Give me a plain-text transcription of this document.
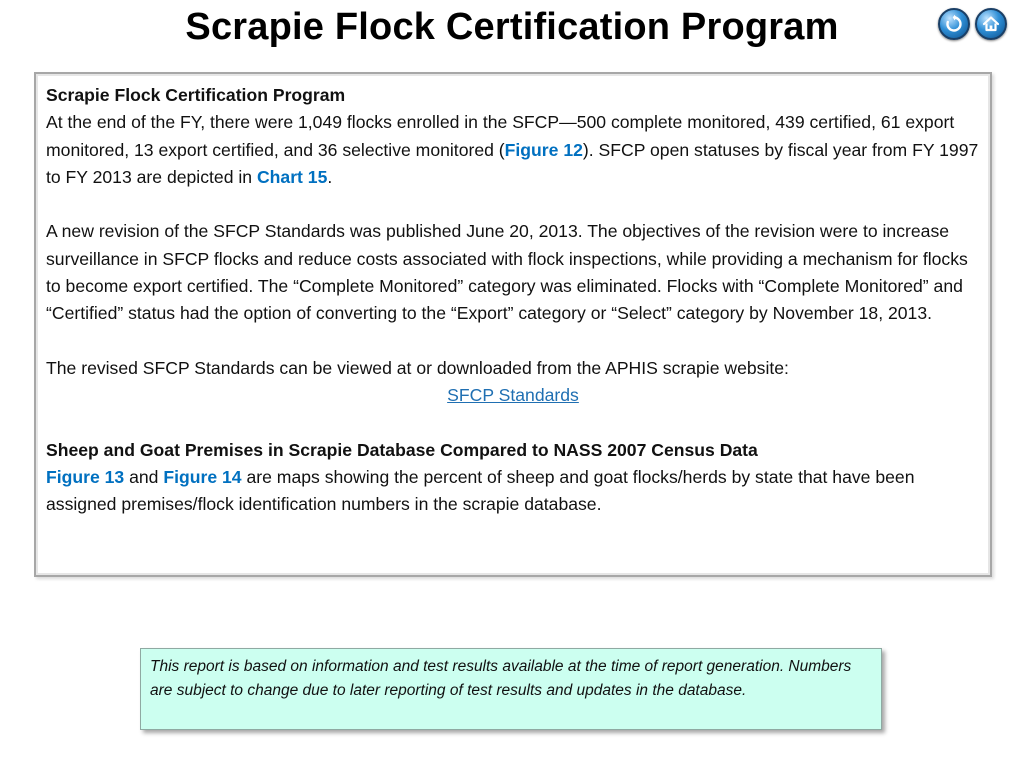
Scrapie Flock Certification Program

Scrapie Flock Certification Program

At the end of the FY, there were 1,049 flocks enrolled in the SFCP—500 complete monitored, 439 certified, 61 export monitored, 13 export certified, and 36 selective monitored (Figure 12). SFCP open statuses by fiscal year from FY 1997 to FY 2013 are depicted in Chart 15.

A new revision of the SFCP Standards was published June 20, 2013. The objectives of the revision were to increase surveillance in SFCP flocks and reduce costs associated with flock inspections, while providing a mechanism for flocks to become export certified. The “Complete Monitored” category was eliminated. Flocks with “Complete Monitored” and “Certified” status had the option of converting to the “Export” category or “Select” category by November 18, 2013.

The revised SFCP Standards can be viewed at or downloaded from the APHIS scrapie website:

SFCP Standards

Sheep and Goat Premises in Scrapie Database Compared to NASS 2007 Census Data

Figure 13 and Figure 14 are maps showing the percent of sheep and goat flocks/herds by state that have been assigned premises/flock identification numbers in the scrapie database.

This report is based on information and test results available at the time of report generation. Numbers are subject to change due to later reporting of test results and updates in the database.
